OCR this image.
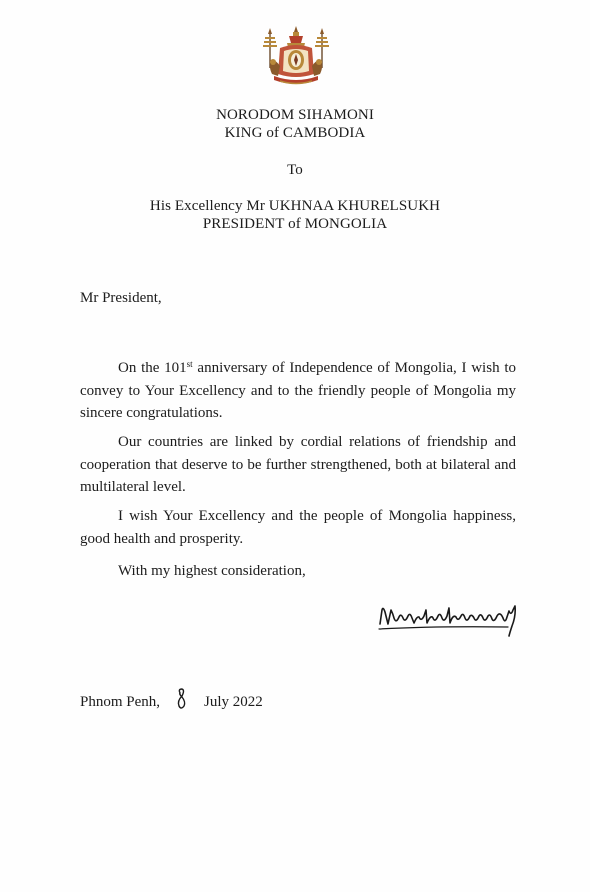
NORODOM SIHAMONI
KING of CAMBODIA
To
His Excellency Mr UKHNAA KHURELSUKH
PRESIDENT of MONGOLIA
Mr President,

On the 101st anniversary of Independence of Mongolia, I wish to convey to Your Excellency and to the friendly people of Mongolia my sincere congratulations.

Our countries are linked by cordial relations of friendship and cooperation that deserve to be further strengthened, both at bilateral and multilateral level.

I wish Your Excellency and the people of Mongolia happiness, good health and prosperity.

With my highest consideration,
Phnom Penh,	July 2022
